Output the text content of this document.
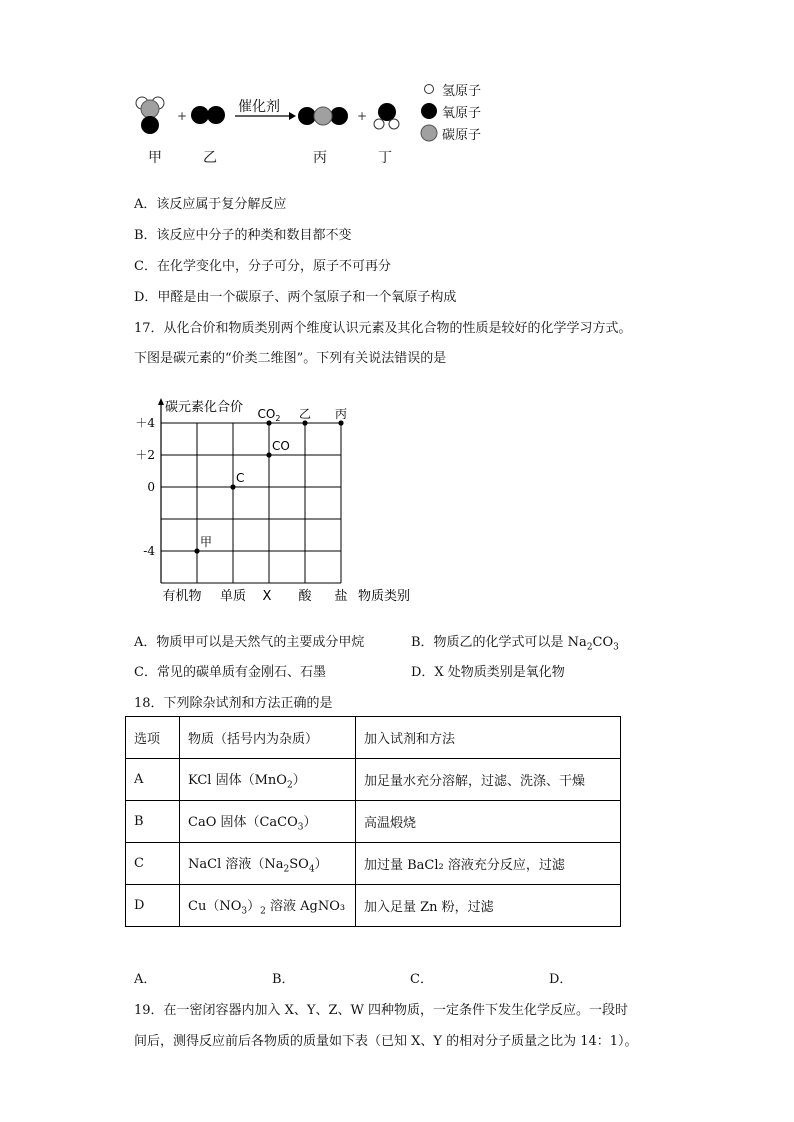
+	+
催化剂
甲	乙	丙	丁
氢原子
氧原子
碳原子
A．该反应属于复分解反应
B．该反应中分子的种类和数目都不变
C．在化学变化中，分子可分，原子不可再分
D．甲醛是由一个碳原子、两个氢原子和一个氧原子构成
17．从化合价和物质类别两个维度认识元素及其化合物的性质是较好的化学学习方式。
下图是碳元素的“价类二维图”。下列有关说法错误的是
碳元素化合价
＋4
＋2
0
-4
有机物 单质 X 酸 盐 物质类别
甲
C
CO
$CO_2$ 乙 丙
A．物质甲可以是天然气的主要成分甲烷	B．物质乙的化学式可以是 $Na_2CO_3$
C．常见的碳单质有金刚石、石墨	D．X 处物质类别是氧化物
18．下列除杂试剂和方法正确的是
选项	物质（括号内为杂质）	加入试剂和方法
A	KCl 固体（MnO$_2$）	加足量水充分溶解，过滤、洗涤、干燥
B	CaO 固体（CaCO$_3$）	高温煅烧
C	NaCl 溶液$(Na_2SO_4)$	加过量 BaCl₂ 溶液充分反应，过滤
D	$Cu(NO_3)_2$ 溶液 AgNO₃	加入足量 Zn 粉，过滤
A．	B．	C．	D．
19．在一密闭容器内加入 X、Y、Z、W 四种物质，一定条件下发生化学反应。一段时
间后，测得反应前后各物质的质量如下表（已知 X、Y 的相对分子质量之比为 14：1）。
